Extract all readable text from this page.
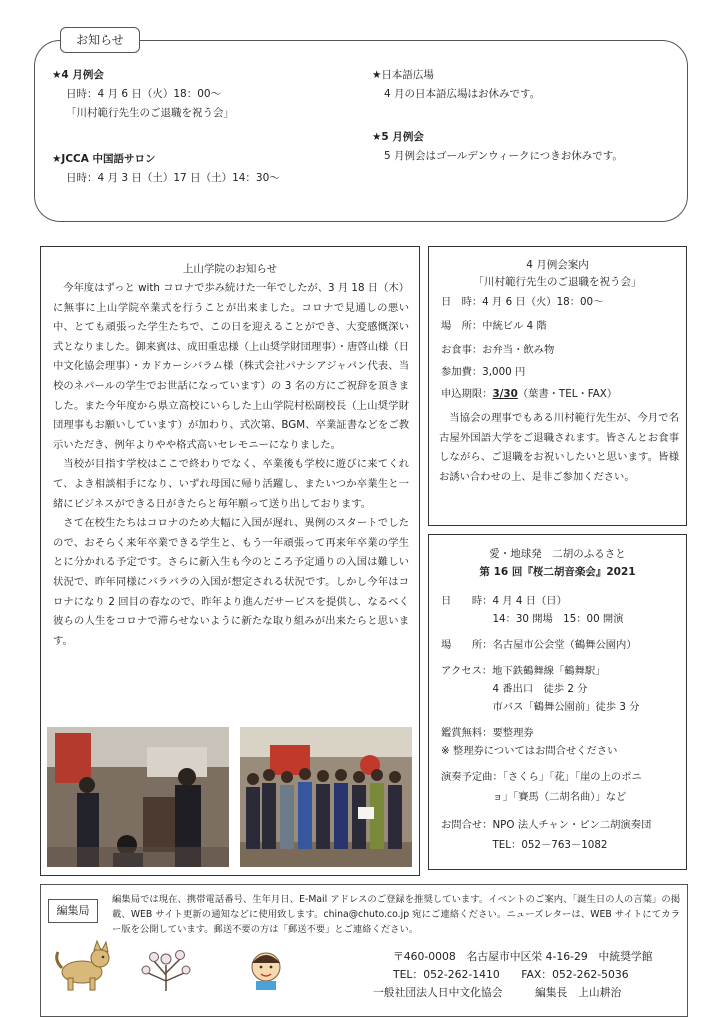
お知らせ
★4 月例会
日時：4 月 6 日（火）18：00～
「川村範行先生のご退職を祝う会」
★JCCA 中国語サロン
日時：4 月 3 日（土）17 日（土）14：30～
★日本語広場
4 月の日本語広場はお休みです。
★5 月例会
5 月例会はゴールデンウィークにつきお休みです。
上山学院のお知らせ

今年度はずっと with コロナで歩み続けた一年でしたが、3 月 18 日（木）に無事に上山学院卒業式を行うことが出来ました。コロナで見通しの悪い中、とても頑張った学生たちで、この日を迎えることができ、大変感慨深い式となりました。御来賓は、成田重忠様（上山奨学財団理事）・唐啓山様（日中文化協会理事）・カドカーシバラム様（株式会社パナシアジャパン代表、当校のネパールの学生でお世話になっています）の 3 名の方にご祝辞を頂きました。また今年度から県立高校にいらした上山学院村松副校長（上山奨学財団理事もお願いしています）が加わり、式次第、BGM、卒業証書などをご教示いただき、例年よりやや格式高いセレモニーになりました。

当校が目指す学校はここで終わりでなく、卒業後も学校に遊びに来てくれて、よき相談相手になり、いずれ母国に帰り活躍し、またいつか卒業生と一緒にビジネスができる日がきたらと毎年願って送り出しております。

さて在校生たちはコロナのため大幅に入国が遅れ、異例のスタートでしたので、おそらく来年卒業できる学生と、もう一年頑張って再来年卒業の学生とに分かれる予定です。さらに新入生も今のところ予定通りの入国は難しい状況で、昨年同様にバラバラの入国が想定される状況です。しかし今年はコロナになり 2 回目の春なので、昨年より進んだサービスを提供し、なるべく彼らの人生をコロナで滞らせないように新たな取り組みが出来たらと思います。

4 月例会案内
「川村範行先生のご退職を祝う会」
日　時：4 月 6 日（火）18：00～
場　所：中統ビル 4 階
お食事：お弁当・飲み物
参加費：3,000 円
申込期限：3/30（葉書・TEL・FAX）
当協会の理事でもある川村範行先生が、今月で名古屋外国語大学をご退職されます。皆さんとお食事しながら、ご退職をお祝いしたいと思います。皆様お誘い合わせの上、是非ご参加ください。
愛・地球発　二胡のふるさと
第 16 回『桜二胡音楽会』2021
日　　時：4 月 4 日（日）
　　　　　14：30 開場　15：00 開演
場　　所：名古屋市公会堂（鶴舞公園内）
アクセス：地下鉄鶴舞線「鶴舞駅」
　　　　　4 番出口　徒歩 2 分
　　　　　市バス「鶴舞公園前」徒歩 3 分
鑑賞無料：要整理券
※ 整理券についてはお問合せください
演奏予定曲：「さくら」「花」「崖の上のポニ
　　　　　ョ」「賽馬（二胡名曲）」など
お問合せ：NPO 法人チャン・ピン二胡演奏団
　　　　　TEL：052－763－1082
編集局
編集局では現在、携帯電話番号、生年月日、E-Mail アドレスのご登録を推奨しています。イベントのご案内、「誕生日の人の言葉」の掲載、WEB サイト更新の通知などに使用致します。china@chuto.co.jp 宛にご連絡ください。ニューズレターは、WEB サイトにてカラー版を公開しています。郵送不要の方は「郵送不要」とご連絡ください。
〒460-0008　名古屋市中区栄 4-16-29　中統奨学館
TEL：052-262-1410　　FAX：052-262-5036
一般社団法人日中文化協会　　　編集長　上山耕治
